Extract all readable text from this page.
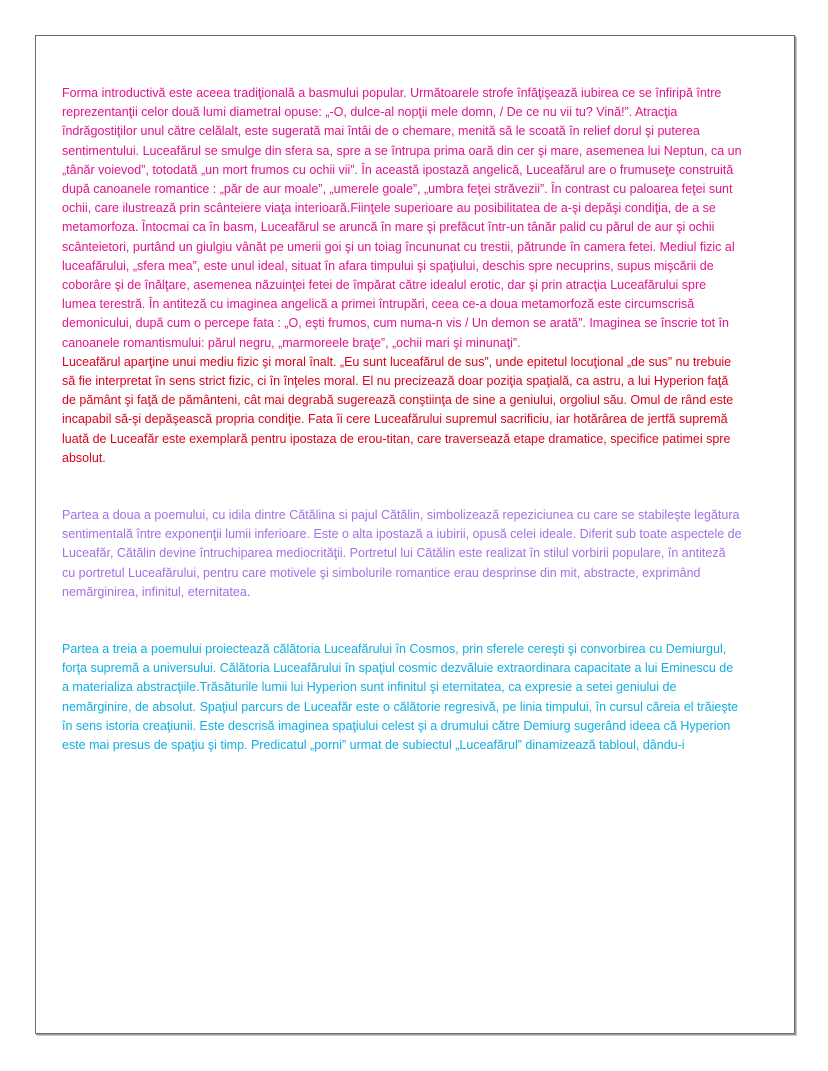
Forma introductivă este aceea tradiţională a basmului popular. Următoarele strofe înfăţişează iubirea ce se înfiripă între reprezentanţii celor două lumi diametral opuse: „-O, dulce-al nopţii mele domn, / De ce nu vii tu? Vină!”. Atracţia îndrăgostiţilor unul către celălalt, este sugerată mai întâi de o chemare, menită să le scoată în relief dorul şi puterea sentimentului. Luceafărul se smulge din sfera sa, spre a se întrupa prima oară din cer şi mare, asemenea lui Neptun, ca un „tânăr voievod”, totodată „un mort frumos cu ochii vii”. În această ipostază angelică, Luceafărul are o frumuseţe construită după canoanele romantice : „păr de aur moale”, „umerele goale”, „umbra feţei străvezii”. În contrast cu paloarea feţei sunt ochii, care ilustrează prin scânteiere viaţa interioară.Fiinţele superioare au posibilitatea de a-şi depăşi condiţia, de a se metamorfoza. Întocmai ca în basm, Luceafărul se aruncă în mare şi prefăcut într-un tânăr palid cu părul de aur şi ochii scânteietori, purtând un giulgiu vânăt pe umerii goi şi un toiag încununat cu trestii, pătrunde în camera fetei. Mediul fizic al luceafărului, „sfera mea”, este unul ideal, situat în afara timpului şi spaţiului, deschis spre necuprins, supus mişcării de coborâre şi de înălţare, asemenea năzuinţei fetei de împărat către idealul erotic, dar şi prin atracţia Luceafărului spre lumea terestră. În antiteză cu imaginea angelică a primei întrupări, ceea ce-a doua metamorfoză este circumscrisă demonicului, după cum o percepe fata : „O, eşti frumos, cum numa-n vis / Un demon se arată”. Imaginea se înscrie tot în canoanele romantismului: părul negru, „marmoreele braţe”, „ochii mari şi minunaţi”.

Luceafărul aparţine unui mediu fizic şi moral înalt. „Eu sunt luceafărul de sus”, unde epitetul locuţional „de sus” nu trebuie să fie interpretat în sens strict fizic, ci în înţeles moral. El nu precizează doar poziţia spaţială, ca astru, a lui Hyperion faţă de pământ şi faţă de pământeni, cât mai degrabă sugerează conştiinţa de sine a geniului, orgoliul său. Omul de rând este incapabil să-şi depăşească propria condiţie. Fata îi cere Luceafărului supremul sacrificiu, iar hotărârea de jertfă supremă luată de Luceafăr este exemplară pentru ipostaza de erou-titan, care traversează etape dramatice, specifice patimei spre absolut.

Partea a doua a poemului, cu idila dintre Cătălina si pajul Cătălin, simbolizează repeziciunea cu care se stabileşte legătura sentimentală între exponenţii lumii inferioare. Este o alta ipostază a iubirii, opusă celei ideale. Diferit sub toate aspectele de Luceafăr, Cătălin devine întruchiparea mediocrităţii. Portretul lui Cătălin este realizat în stilul vorbirii populare, în antiteză cu portretul Luceafărului, pentru care motivele şi simbolurile romantice erau desprinse din mit, abstracte, exprimând nemărginirea, infinitul, eternitatea.

Partea a treia a poemului proiectează călătoria Luceafărului în Cosmos, prin sferele cereşti şi convorbirea cu Demiurgul, forţa supremă a universului. Călătoria Luceafărului în spaţiul cosmic dezvăluie extraordinara capacitate a lui Eminescu de a materializa abstracţiile.Trăsăturile lumii lui Hyperion sunt infinitul şi eternitatea, ca expresie a setei geniului de nemărginire, de absolut. Spaţiul parcurs de Luceafăr este o călătorie regresivă, pe linia timpului, în cursul căreia el trăieşte în sens istoria creaţiunii. Este descrisă imaginea spaţiului celest şi a drumului către Demiurg sugerând ideea că Hyperion este mai presus de spaţiu şi timp. Predicatul „porni” urmat de subiectul „Luceafărul” dinamizează tabloul, dându-i
